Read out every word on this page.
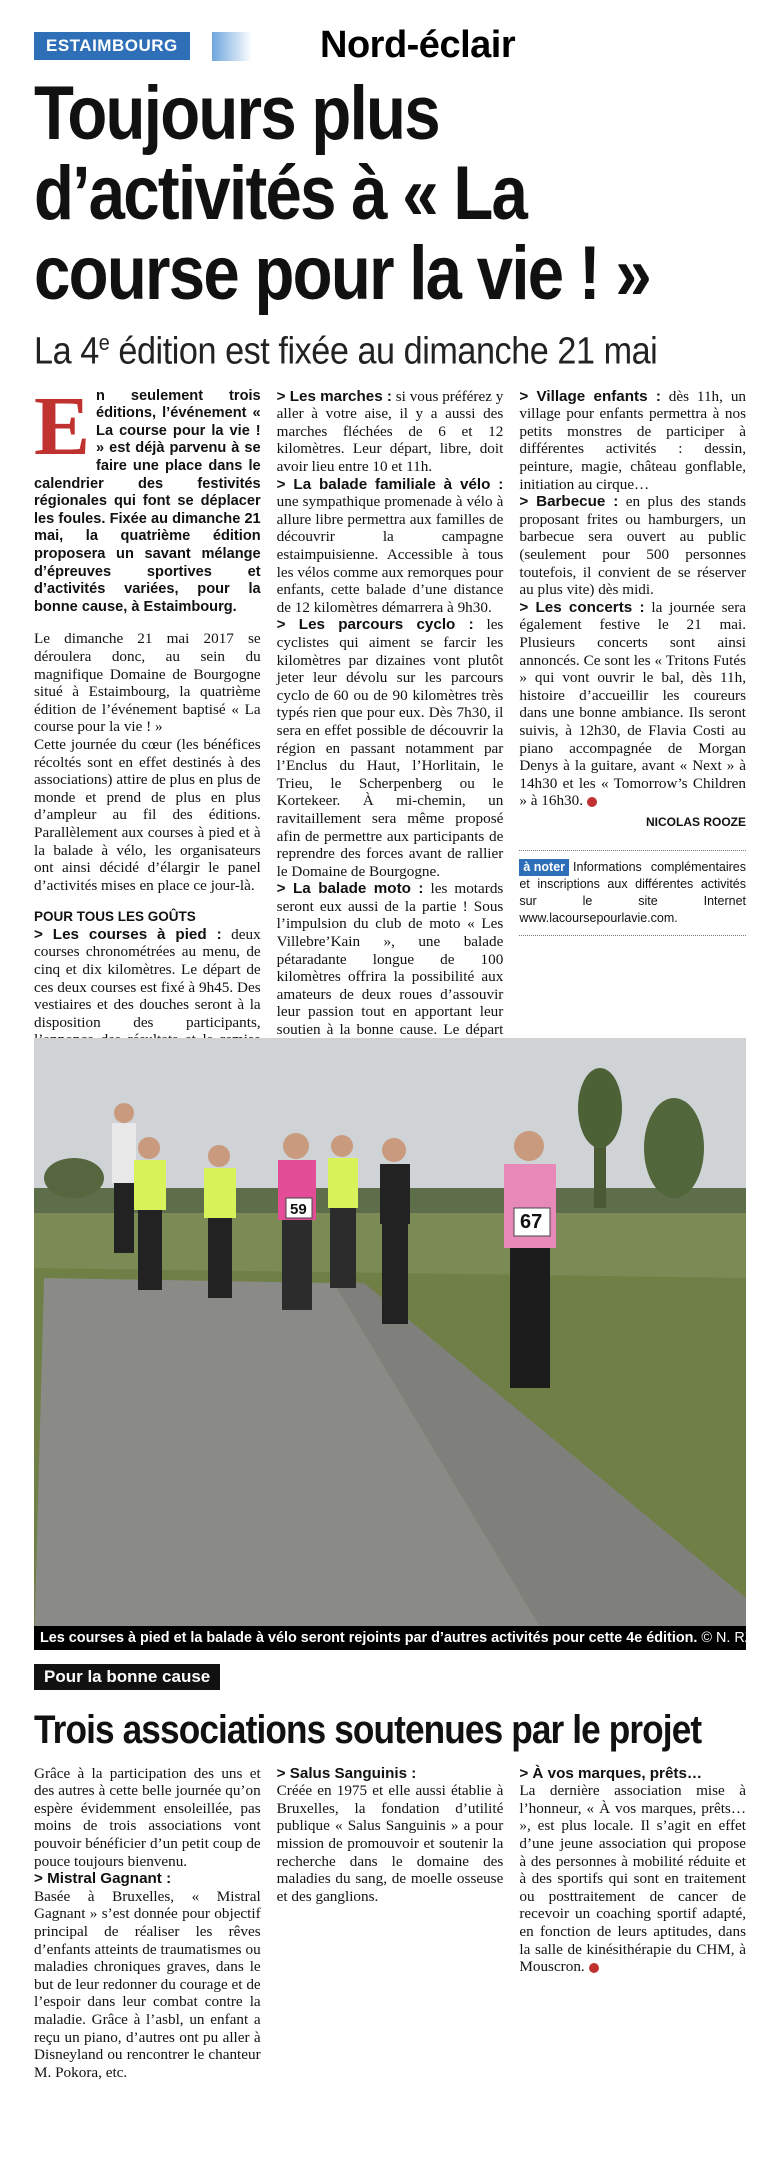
ESTAIMBOURG	Nord-éclair
Toujours plus
d’activités à « La
course pour la vie ! »
La 4e édition est fixée au dimanche 21 mai

En seulement trois éditions, l’événement « La course pour la vie ! » est déjà parvenu à se faire une place dans le calendrier des festivités régionales qui font se déplacer les foules. Fixée au dimanche 21 mai, la quatrième édition proposera un savant mélange d’épreuves sportives et d’activités variées, pour la bonne cause, à Estaimbourg.

Le dimanche 21 mai 2017 se déroulera donc, au sein du magnifique Domaine de Bourgogne situé à Estaimbourg, la quatrième édition de l’événement baptisé « La course pour la vie ! »

Cette journée du cœur (les bénéfices récoltés sont en effet destinés à des associations) attire de plus en plus de monde et prend de plus en plus d’ampleur au fil des éditions. Parallèlement aux courses à pied et à la balade à vélo, les organisateurs ont ainsi décidé d’élargir le panel d’activités mises en place ce jour-là.

POUR TOUS LES GOÛTS

> Les courses à pied : deux courses chronométrées au menu, de cinq et dix kilomètres. Le départ de ces deux courses est fixé à 9h45. Des vestiaires et des douches seront à la disposition des participants,

> Les marches : si vous préférez y aller à votre aise, il y a aussi des marches fléchées de 6 et 12 kilomètres. Leur départ, libre, doit avoir lieu entre 10 et 11h.

> La balade familiale à vélo : une sympathique promenade à vélo à allure libre permettra aux familles de découvrir la campagne estaimpuisienne. Accessible à tous les vélos comme aux remorques pour enfants, cette balade d’une distance de 12 kilomètres démarrera à 9h30.

> Les parcours cyclo : les cyclistes qui aiment se farcir les kilomètres par dizaines vont plutôt jeter leur dévolu sur les parcours cyclo de 60 ou de 90 kilomètres très typés rien que pour eux. Dès 7h30, il sera en effet possible de découvrir la région en passant notamment par l’Enclus du Haut, l’Horlitain, le Trieu, le Scherpenberg ou le Kortekeer. À mi-chemin, un ravitaillement sera même proposé afin de permettre aux participants de reprendre des forces avant de rallier le Domaine de Bourgogne.

> La balade moto : les motards seront eux aussi de la partie ! Sous l’impulsion du club de moto « Les Villebre’Kain », une balade pétaradante longue de 100 kilomètres offrira la possibilité aux amateurs de deux roues d’assouvir leur passion tout en apportant leur soutien à la bonne cause. Le départ

> Village enfants : dès 11h, un village pour enfants permettra à nos petits monstres de participer à différentes activités : dessin, peinture, magie, château gonflable, initiation au cirque…

> Barbecue : en plus des stands proposant frites ou hamburgers, un barbecue sera ouvert au public (seulement pour 500 personnes toutefois, il convient de se réserver au plus vite) dès midi.

> Les concerts : la journée sera également festive le 21 mai. Plusieurs concerts sont ainsi annoncés. Ce sont les « Tritons Futés » qui vont ouvrir le bal, dès 11h, histoire d’accueillir les coureurs dans une bonne ambiance. Ils seront suivis, à 12h30, de Flavia Costi au piano accompagnée de Morgan Denys à la guitare, avant « Next » à 14h30 et les « Tomorrow’s Children » à 16h30.

NICOLAS ROOZE
à noter Informations complémentaires et inscriptions aux différentes activités sur le site Internet www.lacoursepourlavie.com.
59
67
Les courses à pied et la balade à vélo seront rejoints par d’autres activités pour cette 4e édition. © N. RZ.
Pour la bonne cause
Trois associations soutenues par le projet

Grâce à la participation des uns et des autres à cette belle journée qu’on espère évidemment ensoleillée, pas moins de trois associations vont pouvoir bénéficier d’un petit coup de pouce toujours bienvenu.

> Mistral Gagnant :

Basée à Bruxelles, « Mistral Gagnant » s’est donnée pour objectif principal de réaliser les rêves d’enfants atteints de traumatismes ou maladies chroniques graves, dans le but de leur redonner du courage et de l’espoir dans leur combat contre la maladie. Grâce à l’asbl, un enfant a reçu un piano, d’autres ont pu aller à Disneyland ou rencontrer le chanteur M. Pokora, etc.

> Salus Sanguinis :

Créée en 1975 et elle aussi établie à Bruxelles, la fondation d’utilité publique « Salus Sanguinis » a pour mission de promouvoir et soutenir la recherche dans le domaine des maladies du sang, de moelle osseuse et des ganglions.

> À vos marques, prêts…

La dernière association mise à l’honneur, « À vos marques, prêts… », est plus locale. Il s’agit en effet d’une jeune association qui propose à des personnes à mobilité réduite et à des sportifs qui sont en traitement ou posttraitement de cancer de recevoir un coaching sportif adapté, en fonction de leurs aptitudes, dans la salle de kinésithérapie du CHM, à Mouscron.
